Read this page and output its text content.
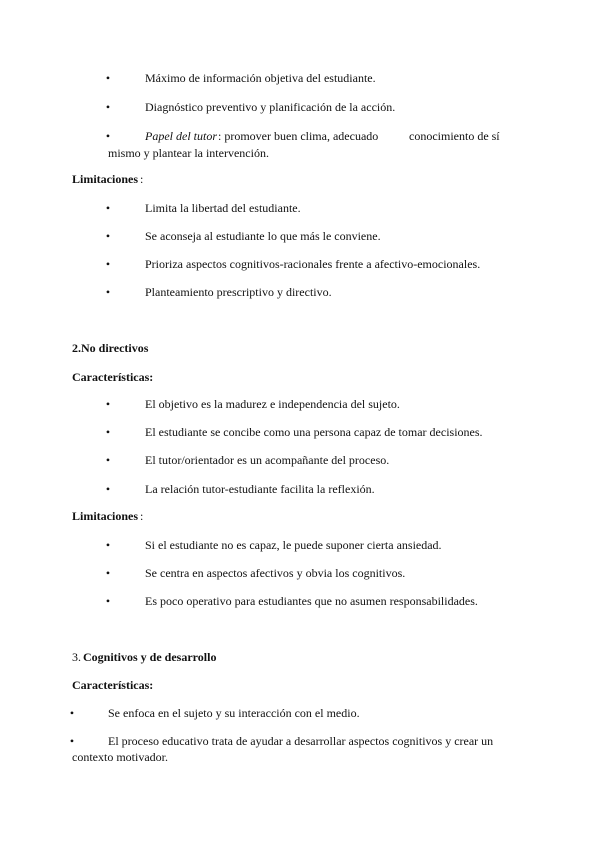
•	Máximo de información objetiva del estudiante.
•	Diagnóstico preventivo y planificación de la acción.
•	Papel del tutor : promover buen clima, adecuado	conocimiento de sí
mismo y plantear la intervención.
Limitaciones :
•	Limita la libertad del estudiante.
•	Se aconseja al estudiante lo que más le conviene.
•	Prioriza aspectos cognitivos-racionales frente a afectivo-emocionales.
•	Planteamiento prescriptivo y directivo.
2.No directivos
Características:
•	El objetivo es la madurez e independencia del sujeto.
•	El estudiante se concibe como una persona capaz de tomar decisiones.
•	El tutor/orientador es un acompañante del proceso.
•	La relación tutor-estudiante facilita la reflexión.
Limitaciones :
•	Si el estudiante no es capaz, le puede suponer cierta ansiedad.
•	Se centra en aspectos afectivos y obvia los cognitivos.
•	Es poco operativo para estudiantes que no asumen responsabilidades.
3. Cognitivos y de desarrollo
Características:
•	Se enfoca en el sujeto y su interacción con el medio.
•	El proceso educativo trata de ayudar a desarrollar aspectos cognitivos y crear un
contexto motivador.
